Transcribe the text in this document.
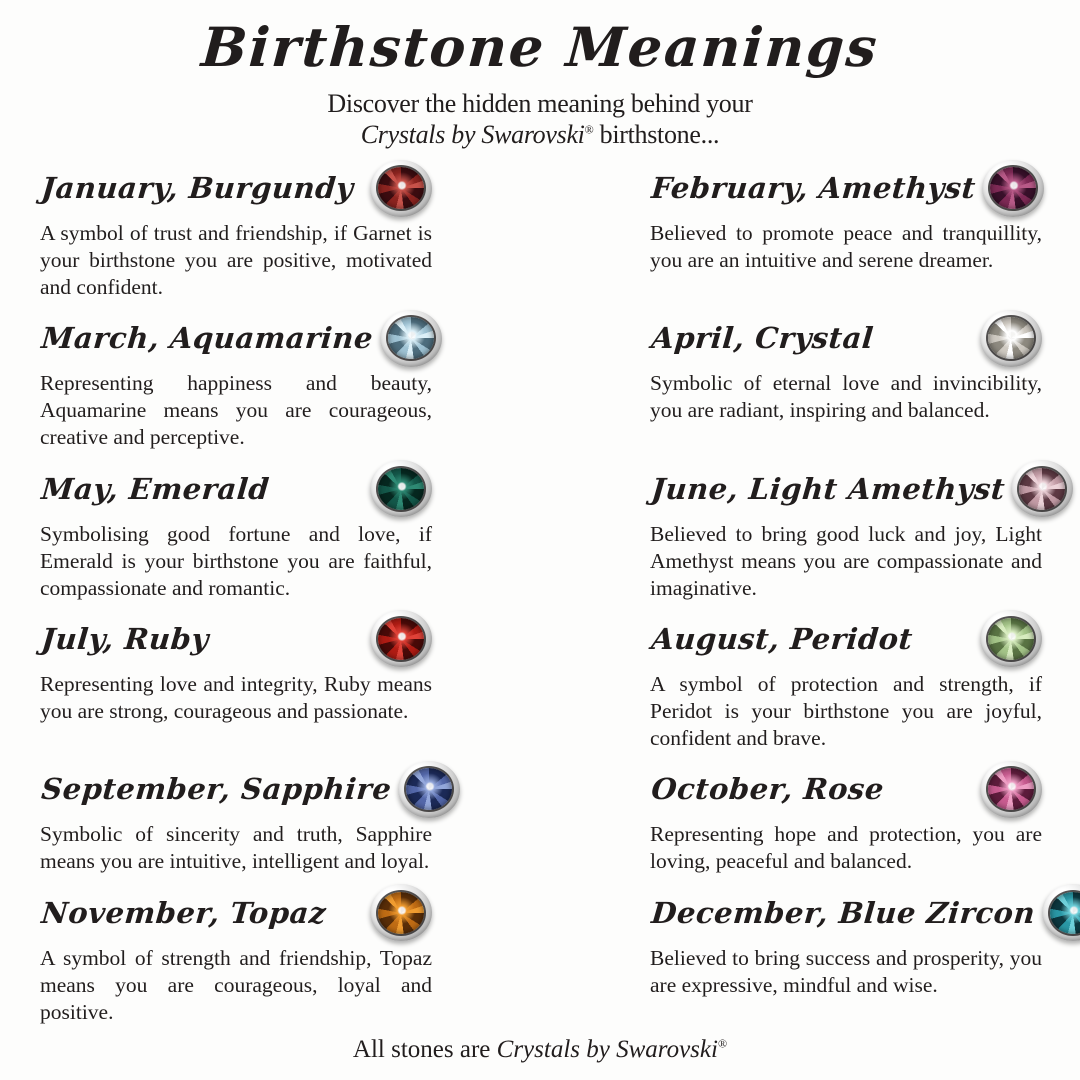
Birthstone Meanings
Discover the hidden meaning behind your
Crystals by Swarovski® birthstone...
January, Burgundy

A symbol of trust and friendship, if Garnet is your birthstone you are positive, motivated and confident.

February, Amethyst

Believed to promote peace and tranquillity, you are an intuitive and serene dreamer.

March, Aquamarine

Representing happiness and beauty, Aquamarine means you are courageous, creative and perceptive.

April, Crystal

Symbolic of eternal love and invincibility, you are radiant, inspiring and balanced.

May, Emerald

Symbolising good fortune and love, if Emerald is your birthstone you are faithful, compassionate and romantic.

June, Light Amethyst

Believed to bring good luck and joy, Light Amethyst means you are compassionate and imaginative.

July, Ruby

Representing love and integrity, Ruby means you are strong, courageous and passionate.

August, Peridot

A symbol of protection and strength, if Peridot is your birthstone you are joyful, confident and brave.

September, Sapphire

Symbolic of sincerity and truth, Sapphire means you are intuitive, intelligent and loyal.

October, Rose

Representing hope and protection, you are loving, peaceful and balanced.

November, Topaz

A symbol of strength and friendship, Topaz means you are courageous, loyal and positive.

December, Blue Zircon

Believed to bring success and prosperity, you are expressive, mindful and wise.

All stones are Crystals by Swarovski®
